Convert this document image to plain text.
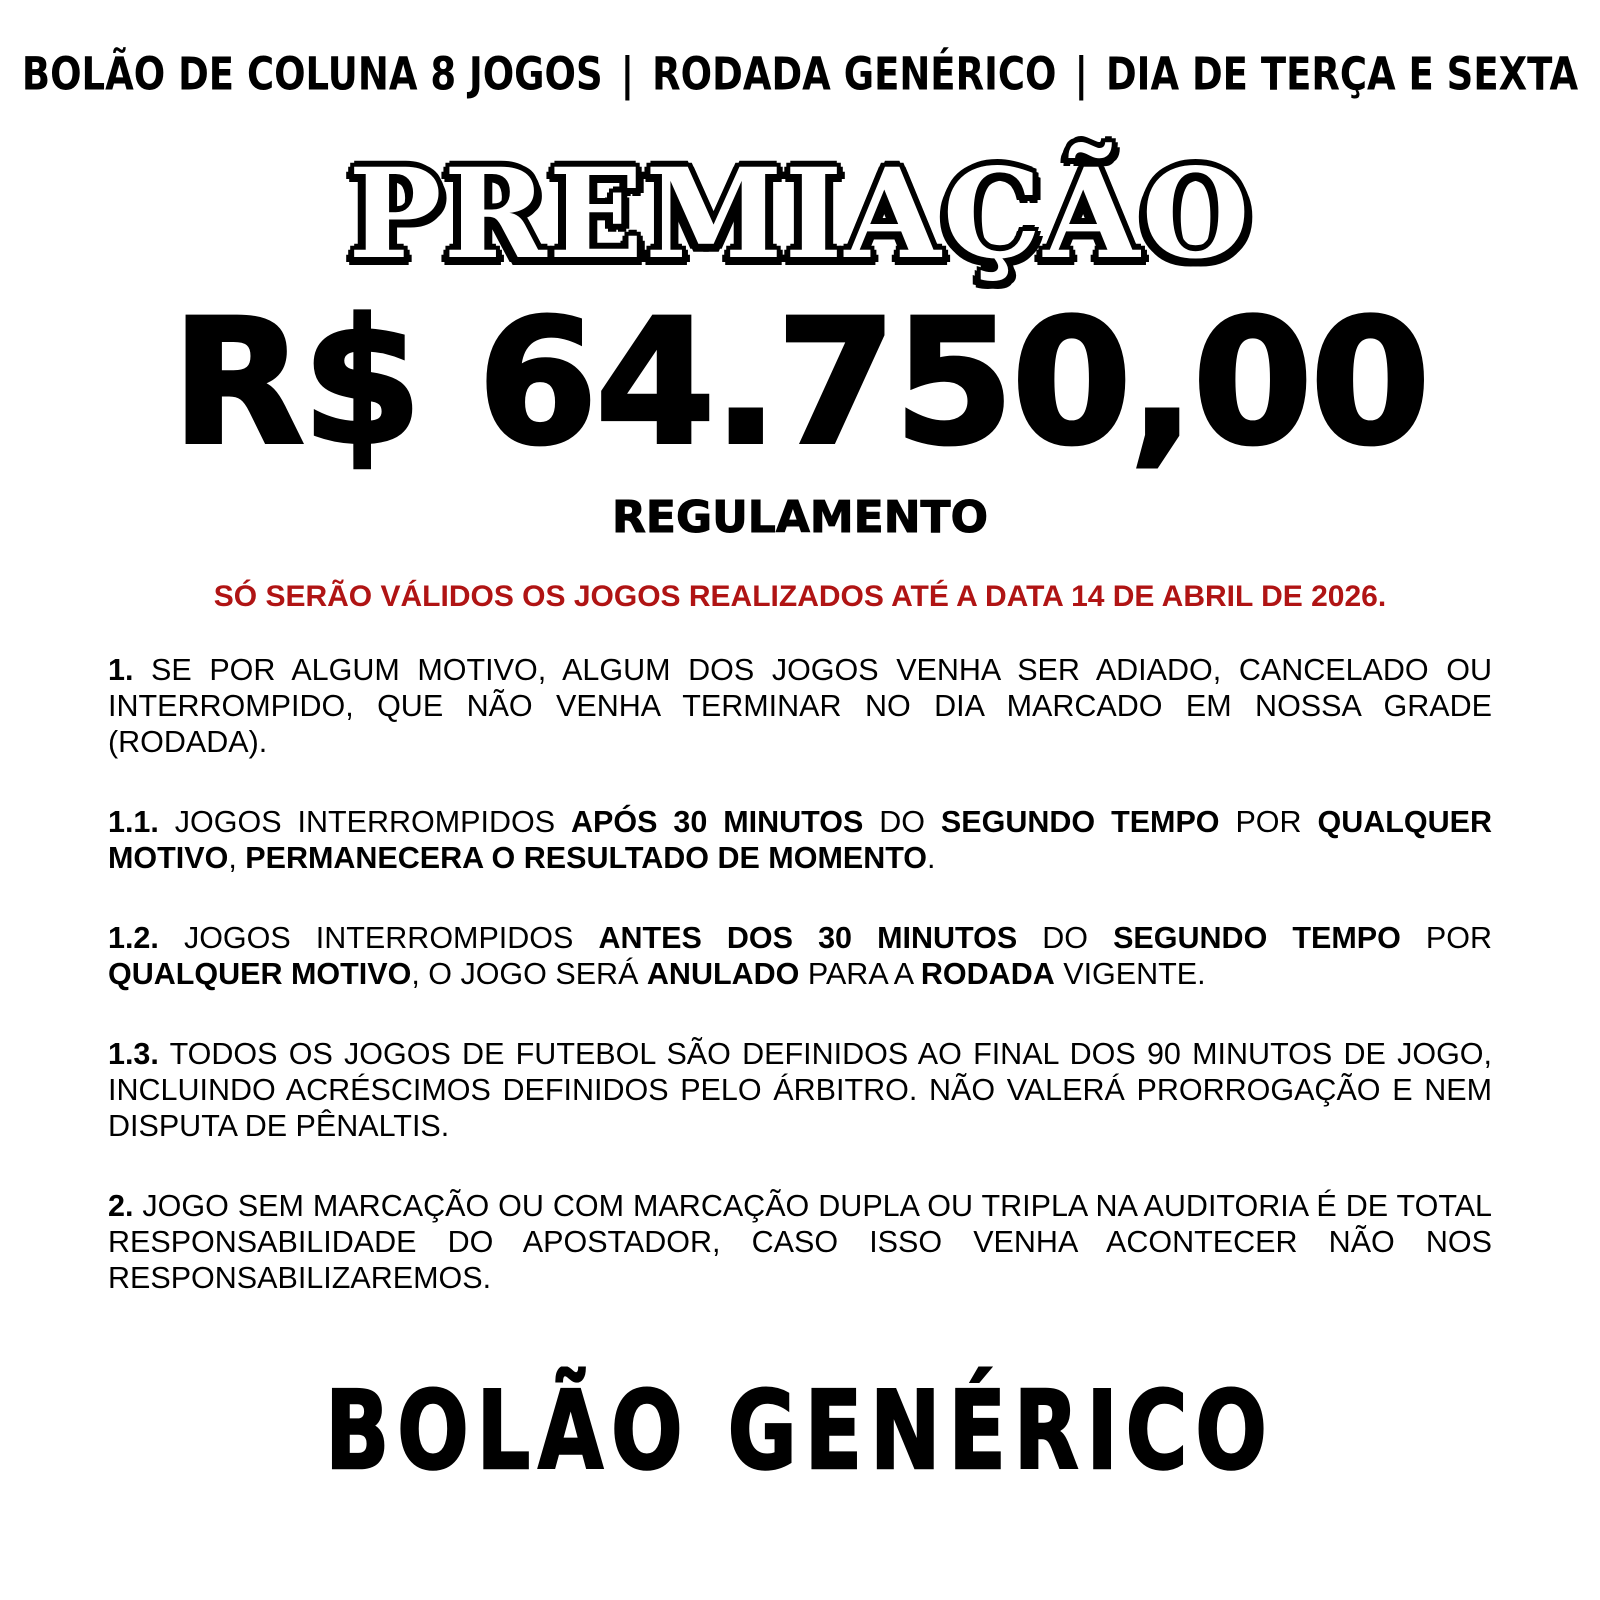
BOLÃO DE COLUNA 8 JOGOS | RODADA GENÉRICO | DIA DE TERÇA E SEXTA
PREMIAÇÃO
R$ 64.750,00
REGULAMENTO
SÓ SERÃO VÁLIDOS OS JOGOS REALIZADOS ATÉ A DATA 14 DE ABRIL DE 2026.

1. SE POR ALGUM MOTIVO, ALGUM DOS JOGOS VENHA SER ADIADO, CANCELADO OU INTERROMPIDO, QUE NÃO VENHA TERMINAR NO DIA MARCADO EM NOSSA GRADE (RODADA).

1.1. JOGOS INTERROMPIDOS APÓS 30 MINUTOS DO SEGUNDO TEMPO POR QUALQUER MOTIVO, PERMANECERA O RESULTADO DE MOMENTO.

1.2. JOGOS INTERROMPIDOS ANTES DOS 30 MINUTOS DO SEGUNDO TEMPO POR QUALQUER MOTIVO, O JOGO SERÁ ANULADO PARA A RODADA VIGENTE.

1.3. TODOS OS JOGOS DE FUTEBOL SÃO DEFINIDOS AO FINAL DOS 90 MINUTOS DE JOGO, INCLUINDO ACRÉSCIMOS DEFINIDOS PELO ÁRBITRO. NÃO VALERÁ PRORROGAÇÃO E NEM DISPUTA DE PÊNALTIS.

2. JOGO SEM MARCAÇÃO OU COM MARCAÇÃO DUPLA OU TRIPLA NA AUDITORIA É DE TOTAL RESPONSABILIDADE DO APOSTADOR, CASO ISSO VENHA ACONTECER NÃO NOS RESPONSABILIZAREMOS.

BOLÃO GENÉRICO
